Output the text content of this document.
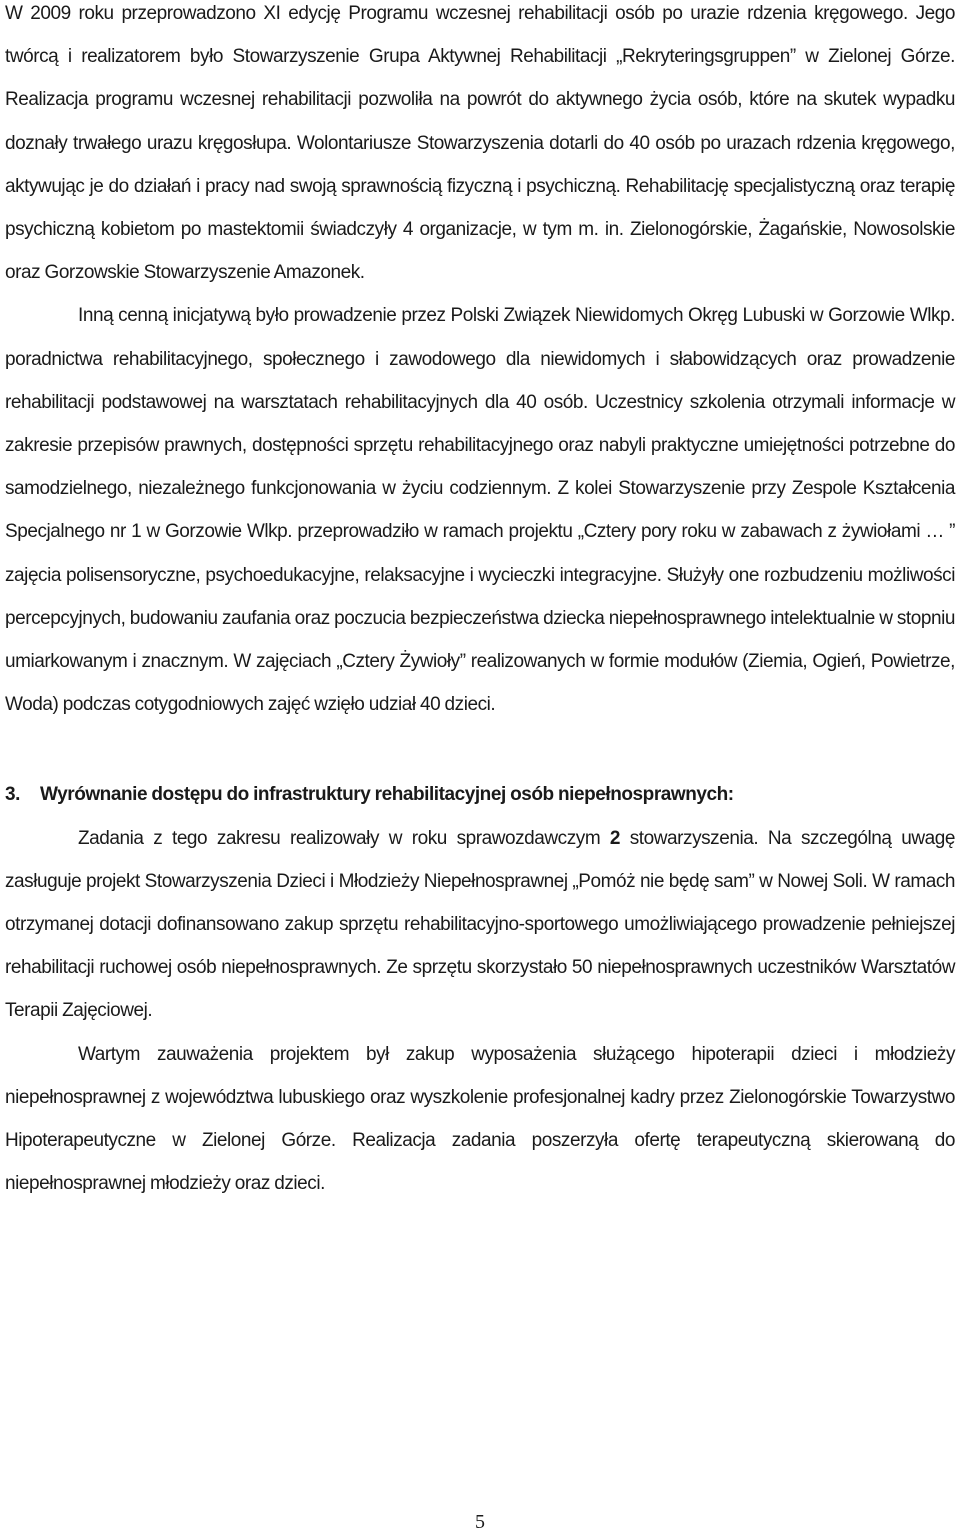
W 2009 roku przeprowadzono XI edycję Programu wczesnej rehabilitacji osób po urazie rdzenia kręgowego. Jego twórcą i realizatorem było Stowarzyszenie Grupa Aktywnej Rehabilitacji „Rekryteringsgruppen” w Zielonej Górze. Realizacja programu wczesnej rehabilitacji pozwoliła na powrót do aktywnego życia osób, które na skutek wypadku doznały trwałego urazu kręgosłupa. Wolontariusze Stowarzyszenia dotarli do 40 osób po urazach rdzenia kręgowego, aktywując je do działań i pracy nad swoją sprawnością fizyczną i psychiczną. Rehabilitację specjalistyczną oraz terapię psychiczną kobietom po mastektomii świadczyły 4 organizacje, w tym m. in. Zielonogórskie, Żagańskie, Nowosolskie oraz Gorzowskie Stowarzyszenie Amazonek.

Inną cenną inicjatywą było prowadzenie przez Polski Związek Niewidomych Okręg Lubuski w Gorzowie Wlkp. poradnictwa rehabilitacyjnego, społecznego i zawodowego dla niewidomych i słabowidzących oraz prowadzenie rehabilitacji podstawowej na warsztatach rehabilitacyjnych dla 40 osób. Uczestnicy szkolenia otrzymali informacje w zakresie przepisów prawnych, dostępności sprzętu rehabilitacyjnego oraz nabyli praktyczne umiejętności potrzebne do samodzielnego, niezależnego funkcjonowania w życiu codziennym. Z kolei Stowarzyszenie przy Zespole Kształcenia Specjalnego nr 1 w Gorzowie Wlkp. przeprowadziło w ramach projektu „Cztery pory roku w zabawach z żywiołami … ” zajęcia polisensoryczne, psychoedukacyjne, relaksacyjne i wycieczki integracyjne. Służyły one rozbudzeniu możliwości percepcyjnych, budowaniu zaufania oraz poczucia bezpieczeństwa dziecka niepełnosprawnego intelektualnie w stopniu umiarkowanym i znacznym. W zajęciach „Cztery Żywioły” realizowanych w formie modułów (Ziemia, Ogień, Powietrze, Woda) podczas cotygodniowych zajęć wzięło udział 40 dzieci.

3. Wyrównanie dostępu do infrastruktury rehabilitacyjnej osób niepełnosprawnych:

Zadania z tego zakresu realizowały w roku sprawozdawczym 2 stowarzyszenia. Na szczególną uwagę zasługuje projekt Stowarzyszenia Dzieci i Młodzieży Niepełnosprawnej „Pomóż nie będę sam” w Nowej Soli. W ramach otrzymanej dotacji dofinansowano zakup sprzętu rehabilitacyjno-sportowego umożliwiającego prowadzenie pełniejszej rehabilitacji ruchowej osób niepełnosprawnych. Ze sprzętu skorzystało 50 niepełnosprawnych uczestników Warsztatów Terapii Zajęciowej.

Wartym zauważenia projektem był zakup wyposażenia służącego hipoterapii dzieci i młodzieży niepełnosprawnej z województwa lubuskiego oraz wyszkolenie profesjonalnej kadry przez Zielonogórskie Towarzystwo Hipoterapeutyczne w Zielonej Górze. Realizacja zadania poszerzyła ofertę terapeutyczną skierowaną do niepełnosprawnej młodzieży oraz dzieci.

5
